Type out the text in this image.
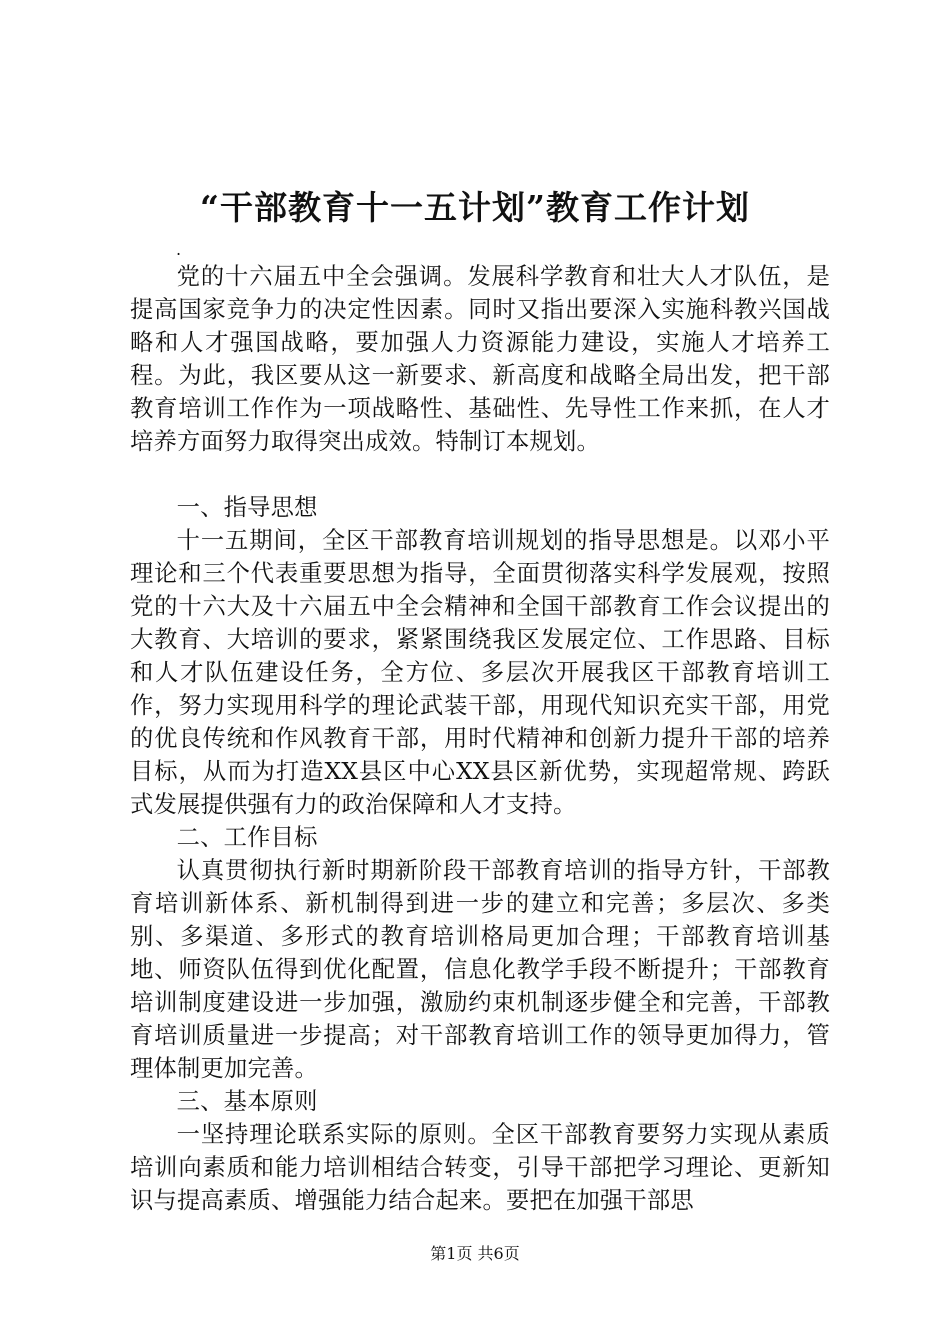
“干部教育十一五计划”教育工作计划
.

党的十六届五中全会强调。发展科学教育和壮大人才队伍，是提高国家竞争力的决定性因素。同时又指出要深入实施科教兴国战略和人才强国战略，要加强人力资源能力建设，实施人才培养工程。为此，我区要从这一新要求、新高度和战略全局出发，把干部教育培训工作作为一项战略性、基础性、先导性工作来抓，在人才培养方面努力取得突出成效。特制订本规划。

一、指导思想

十一五期间，全区干部教育培训规划的指导思想是。以邓小平理论和三个代表重要思想为指导，全面贯彻落实科学发展观，按照党的十六大及十六届五中全会精神和全国干部教育工作会议提出的大教育、大培训的要求，紧紧围绕我区发展定位、工作思路、目标和人才队伍建设任务，全方位、多层次开展我区干部教育培训工作，努力实现用科学的理论武装干部，用现代知识充实干部，用党的优良传统和作风教育干部，用时代精神和创新力提升干部的培养目标，从而为打造XX县区中心XX县区新优势，实现超常规、跨跃式发展提供强有力的政治保障和人才支持。

二、工作目标

认真贯彻执行新时期新阶段干部教育培训的指导方针，干部教育培训新体系、新机制得到进一步的建立和完善；多层次、多类别、多渠道、多形式的教育培训格局更加合理；干部教育培训基地、师资队伍得到优化配置，信息化教学手段不断提升；干部教育培训制度建设进一步加强，激励约束机制逐步健全和完善，干部教育培训质量进一步提高；对干部教育培训工作的领导更加得力，管理体制更加完善。

三、基本原则

一坚持理论联系实际的原则。全区干部教育要努力实现从素质培训向素质和能力培训相结合转变，引导干部把学习理论、更新知识与提高素质、增强能力结合起来。要把在加强干部思

第1页 共6页
